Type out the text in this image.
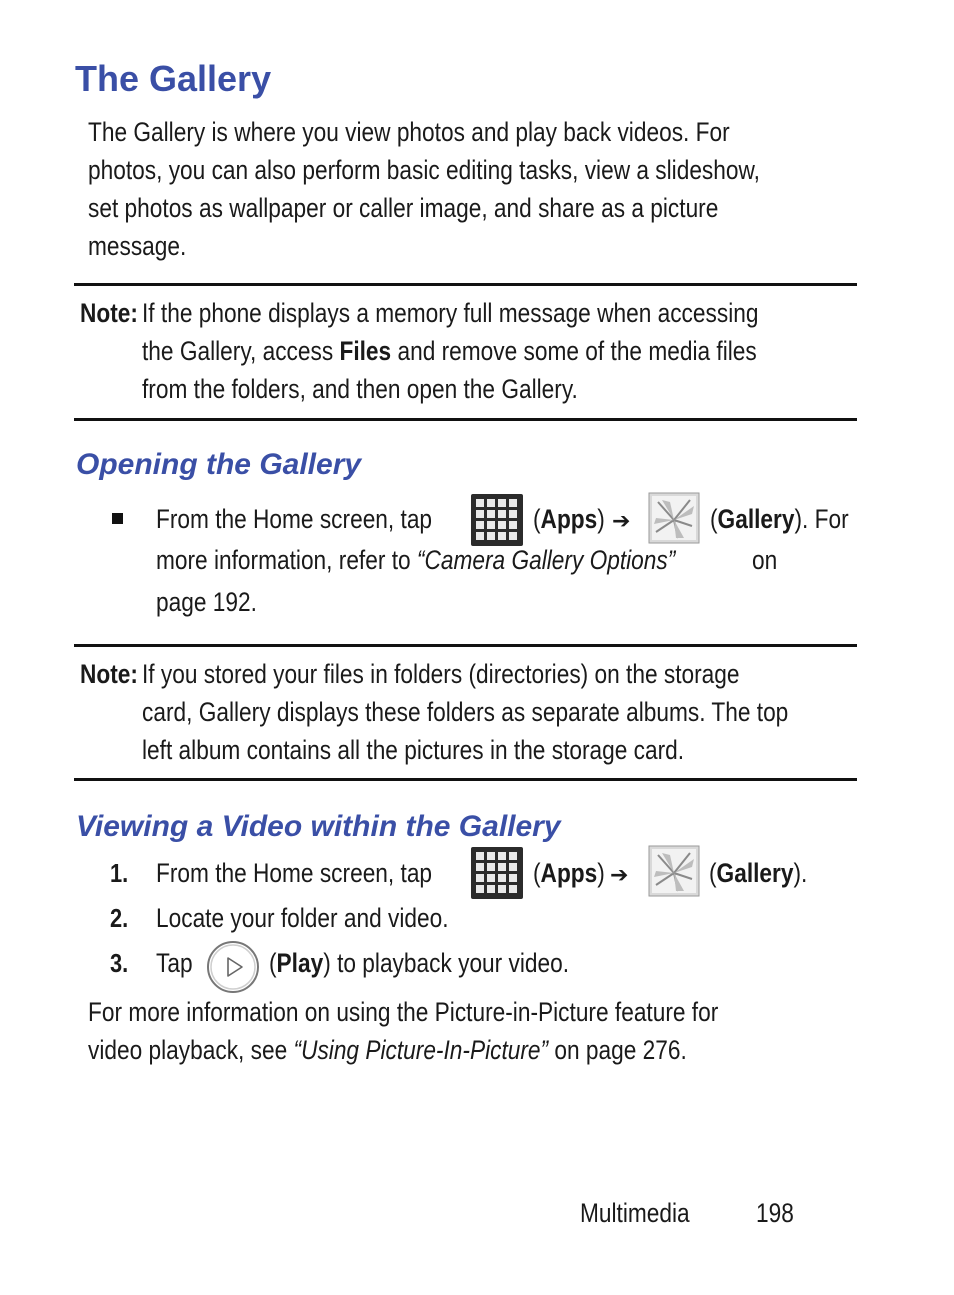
The Gallery
The Gallery is where you view photos and play back videos. For
photos, you can also perform basic editing tasks, view a slideshow,
set photos as wallpaper or caller image, and share as a picture
message.
Note: If the phone displays a memory full message when accessing
the Gallery, access Files and remove some of the media files
from the folders, and then open the Gallery.
Opening the Gallery
From the Home screen, tap	(Apps) ➔	(Gallery). For
more information, refer to “Camera Gallery Options”	on
page 192.
Note: If you stored your files in folders (directories) on the storage
card, Gallery displays these folders as separate albums. The top
left album contains all the pictures in the storage card.
Viewing a Video within the Gallery
1. From the Home screen, tap	(Apps) ➔	(Gallery).
2. Locate your folder and video.
3. Tap	(Play) to playback your video.
For more information on using the Picture-in-Picture feature for
video playback, see “Using Picture-In-Picture” on page 276.
Multimedia	198
